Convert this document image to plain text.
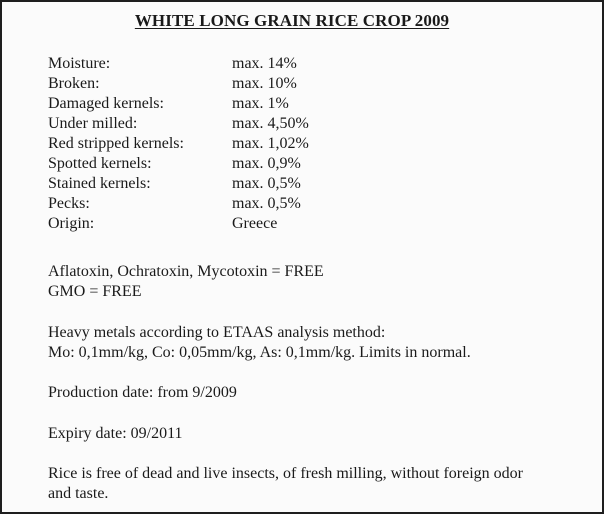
WHITE LONG GRAIN RICE CROP 2009
Moisture:	max. 14%
Broken:	max. 10%
Damaged kernels:	max. 1%
Under milled:	max. 4,50%
Red stripped kernels:	max. 1,02%
Spotted kernels:	max. 0,9%
Stained kernels:	max. 0,5%
Pecks:	max. 0,5%
Origin:	Greece
Aflatoxin, Ochratoxin, Mycotoxin = FREE
GMO = FREE
Heavy metals according to ETAAS analysis method:
Mo: 0,1mm/kg, Co: 0,05mm/kg, As: 0,1mm/kg. Limits in normal.
Production date: from 9/2009
Expiry date: 09/2011
Rice is free of dead and live insects, of fresh milling, without foreign odor
and taste.
